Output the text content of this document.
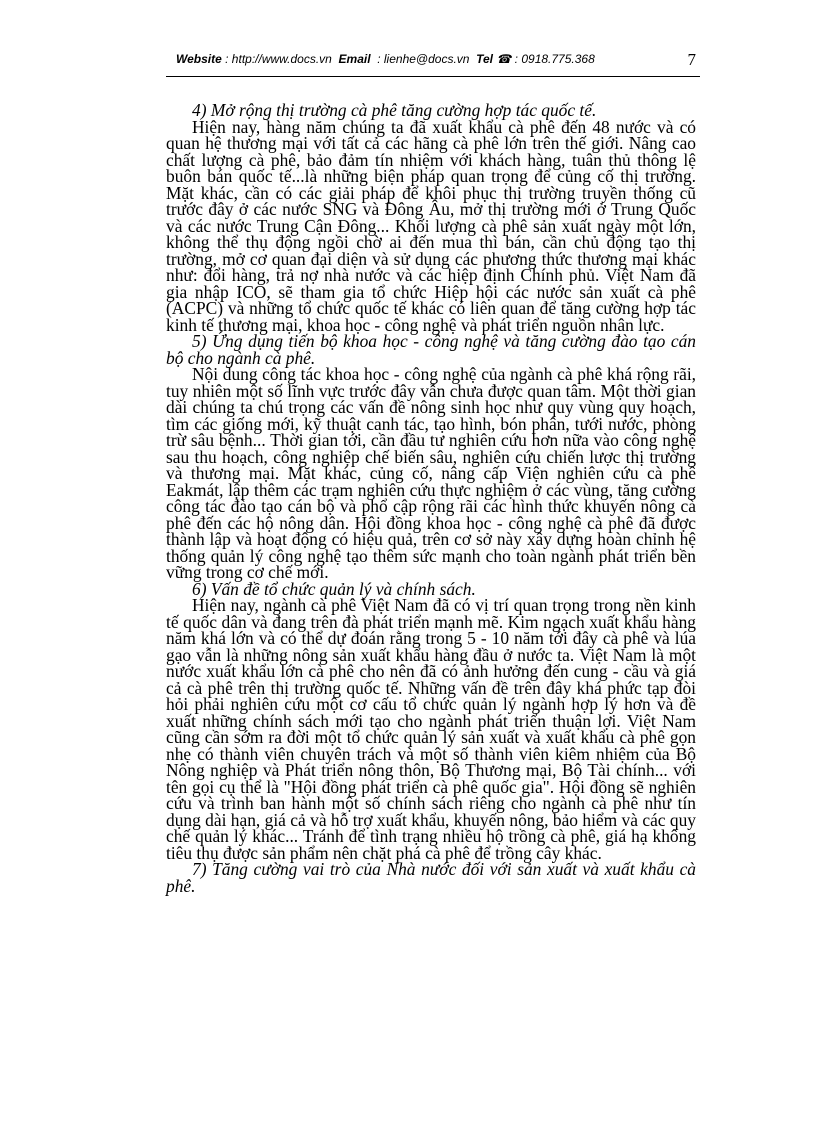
Website : http://www.docs.vn Email : lienhe@docs.vn Tel ☎ : 0918.775.368	7

4) Mở rộng thị trường cà phê tăng cường hợp tác quốc tế.

Hiện nay, hàng năm chúng ta đã xuất khẩu cà phê đến 48 nước và có quan hệ thương mại với tất cả các hãng cà phê lớn trên thế giới. Nâng cao chất lượng cà phê, bảo đảm tín nhiệm với khách hàng, tuân thủ thông lệ buôn bán quốc tế...là những biện pháp quan trọng để củng cố thị trường. Mặt khác, cần có các giải pháp để khôi phục thị trường truyền thống cũ trước đây ở các nước SNG và Đông Âu, mở thị trường mới ở Trung Quốc và các nước Trung Cận Đông... Khối lượng cà phê sản xuất ngày một lớn, không thể thụ động ngồi chờ ai đến mua thì bán, cần chủ động tạo thị trường, mở cơ quan đại diện và sử dụng các phương thức thương mại khác như: đổi hàng, trả nợ nhà nước và các hiệp định Chính phủ. Việt Nam đã gia nhập ICO, sẽ tham gia tổ chức Hiệp hội các nước sản xuất cà phê (ACPC) và những tổ chức quốc tế khác có liên quan để tăng cường hợp tác kinh tế thương mại, khoa học - công nghệ và phát triển nguồn nhân lực.

5) Ứng dụng tiến bộ khoa học - công nghệ và tăng cường đào tạo cán bộ cho ngành cà phê.

Nội dung công tác khoa học - công nghệ của ngành cà phê khá rộng rãi, tuy nhiên một số lĩnh vực trước đây vẫn chưa được quan tâm. Một thời gian dài chúng ta chú trọng các vấn đề nông sinh học như quy vùng quy hoạch, tìm các giống mới, kỹ thuật canh tác, tạo hình, bón phân, tưới nước, phòng trừ sâu bệnh... Thời gian tới, cần đầu tư nghiên cứu hơn nữa vào công nghệ sau thu hoạch, công nghiệp chế biến sâu, nghiên cứu chiến lược thị trường và thương mại. Mặt khác, củng cố, nâng cấp Viện nghiên cứu cà phê Eakmát, lập thêm các trạm nghiên cứu thực nghiệm ở các vùng, tăng cường công tác đào tạo cán bộ và phổ cập rộng rãi các hình thức khuyến nông cà phê đến các hộ nông dân. Hội đồng khoa học - công nghệ cà phê đã được thành lập và hoạt động có hiệu quả, trên cơ sở này xây dựng hoàn chỉnh hệ thống quản lý công nghệ tạo thêm sức mạnh cho toàn ngành phát triển bền vững trong cơ chế mới.

6) Vấn đề tổ chức quản lý và chính sách.

Hiện nay, ngành cà phê Việt Nam đã có vị trí quan trọng trong nền kinh tế quốc dân và đang trên đà phát triển mạnh mẽ. Kim ngạch xuất khẩu hàng năm khá lớn và có thể dự đoán rằng trong 5 - 10 năm tới đây cà phê và lúa gạo vẫn là những nông sản xuất khẩu hàng đầu ở nước ta. Việt Nam là một nước xuất khẩu lớn cà phê cho nên đã có ảnh hưởng đến cung - cầu và giá cả cà phê trên thị trường quốc tế. Những vấn đề trên đây khá phức tạp đòi hỏi phải nghiên cứu một cơ cấu tổ chức quản lý ngành hợp lý hơn và đề xuất những chính sách mới tạo cho ngành phát triển thuận lợi. Việt Nam cũng cần sớm ra đời một tổ chức quản lý sản xuất và xuất khẩu cà phê gọn nhẹ có thành viên chuyên trách và một số thành viên kiêm nhiệm của Bộ Nông nghiệp và Phát triển nông thôn, Bộ Thương mại, Bộ Tài chính... với tên gọi cụ thể là "Hội đồng phát triển cà phê quốc gia". Hội đồng sẽ nghiên cứu và trình ban hành một số chính sách riêng cho ngành cà phê như tín dụng dài hạn, giá cả và hỗ trợ xuất khẩu, khuyến nông, bảo hiểm và các quy chế quản lý khác... Tránh để tình trạng nhiều hộ trồng cà phê, giá hạ không tiêu thụ được sản phẩm nên chặt phá cà phê để trồng cây khác.

7) Tăng cường vai trò của Nhà nước đối với sản xuất và xuất khẩu cà phê.
